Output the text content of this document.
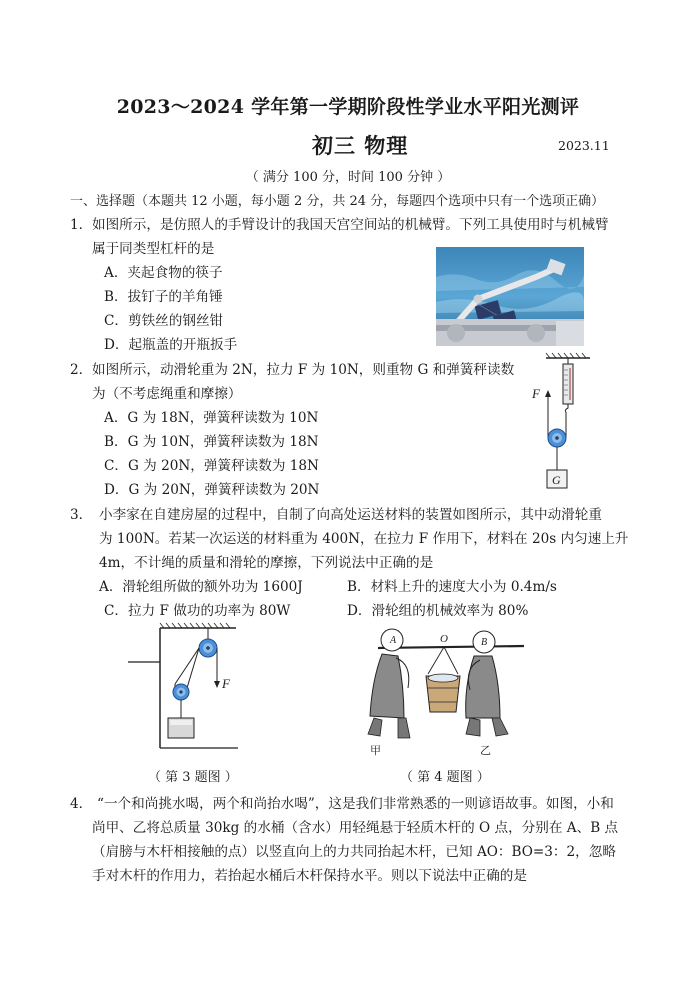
2023～2024 学年第一学期阶段性学业水平阳光测评
初三 物理	2023.11
（ 满分 100 分，时间 100 分钟 ）
一、选择题（本题共 12 小题，每小题 2 分，共 24 分，每题四个选项中只有一个选项正确）
1． 如图所示，是仿照人的手臂设计的我国天宫空间站的机械臂。下列工具使用时与机械臂
属于同类型杠杆的是
A．夹起食物的筷子
B．拔钉子的羊角锤
C．剪铁丝的钢丝钳
D．起瓶盖的开瓶扳手
2． 如图所示，动滑轮重为 2N，拉力 F 为 10N，则重物 G 和弹簧秤读数
为（不考虑绳重和摩擦）
A．G 为 18N，弹簧秤读数为 10N
B．G 为 10N，弹簧秤读数为 18N
C．G 为 20N，弹簧秤读数为 18N
D．G 为 20N，弹簧秤读数为 20N
F
G
3． 小李家在自建房屋的过程中，自制了向高处运送材料的装置如图所示，其中动滑轮重
为 100N。若某一次运送的材料重为 400N，在拉力 F 作用下，材料在 20s 内匀速上升
4m，不计绳的质量和滑轮的摩擦，下列说法中正确的是
A．滑轮组所做的额外功为 1600J	B．材料上升的速度大小为 0.4m/s
C．拉力 F 做功的功率为 80W	D．滑轮组的机械效率为 80%
F
（ 第 3 题图 ）
A	O	B
甲	乙
（ 第 4 题图 ）
4． “一个和尚挑水喝，两个和尚抬水喝”，这是我们非常熟悉的一则谚语故事。如图，小和
尚甲、乙将总质量 30kg 的水桶（含水）用轻绳悬于轻质木杆的 O 点，分别在 A、B 点
（肩膀与木杆相接触的点）以竖直向上的力共同抬起木杆，已知 AO：BO=3：2，忽略
手对木杆的作用力，若抬起水桶后木杆保持水平。则以下说法中正确的是
